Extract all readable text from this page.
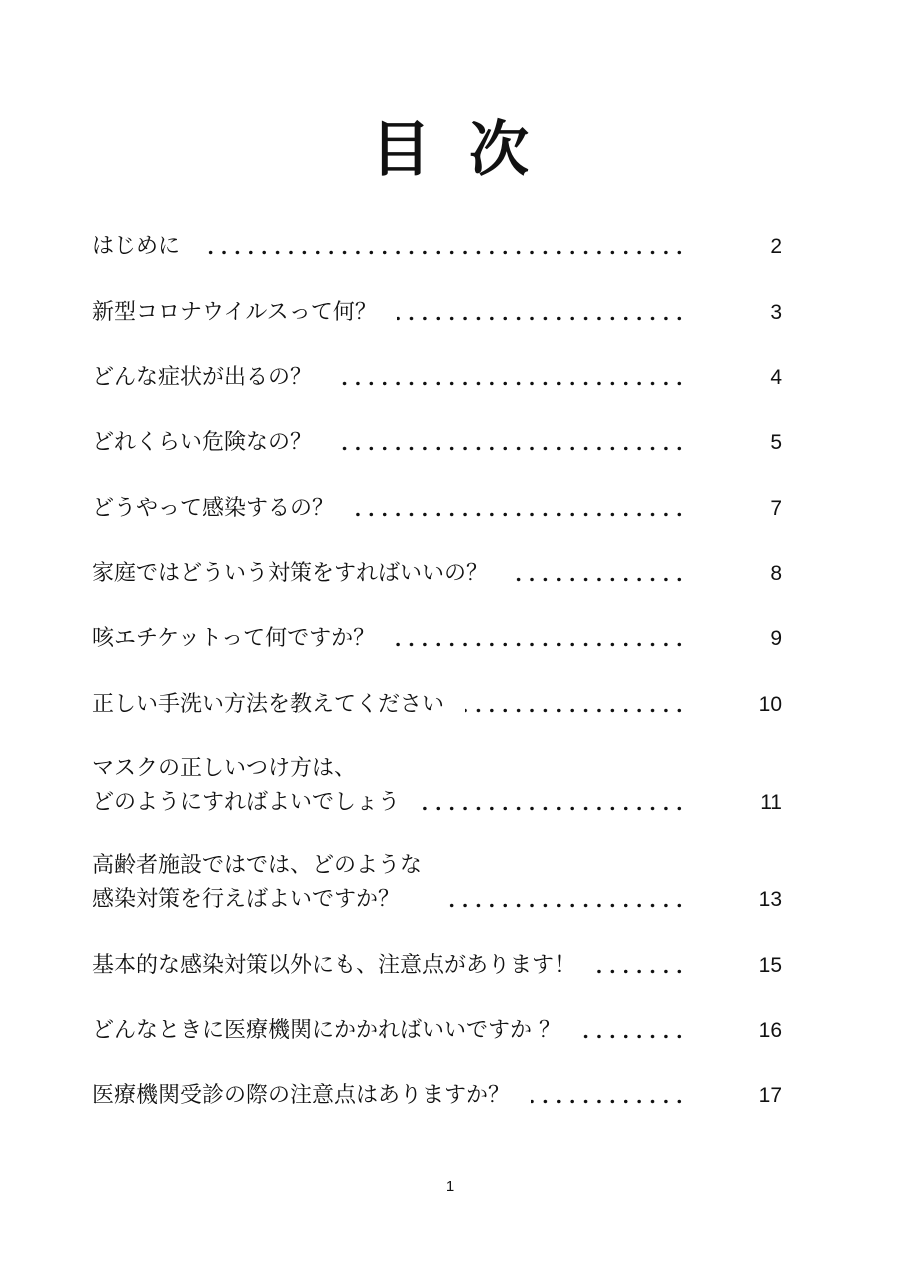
目次
はじめに	2
新型コロナウイルスって何？	3
どんな症状が出るの？	4
どれくらい危険なの？	5
どうやって感染するの？	7
家庭ではどういう対策をすればいいの？	8
咳エチケットって何ですか？	9
正しい手洗い方法を教えてください	10
マスクの正しいつけ方は、
どのようにすればよいでしょう	11
高齢者施設ではでは、どのような
感染対策を行えばよいですか？	13
基本的な感染対策以外にも、注意点があります！	15
どんなときに医療機関にかかればいいですか ？	16
医療機関受診の際の注意点はありますか？	17
1
